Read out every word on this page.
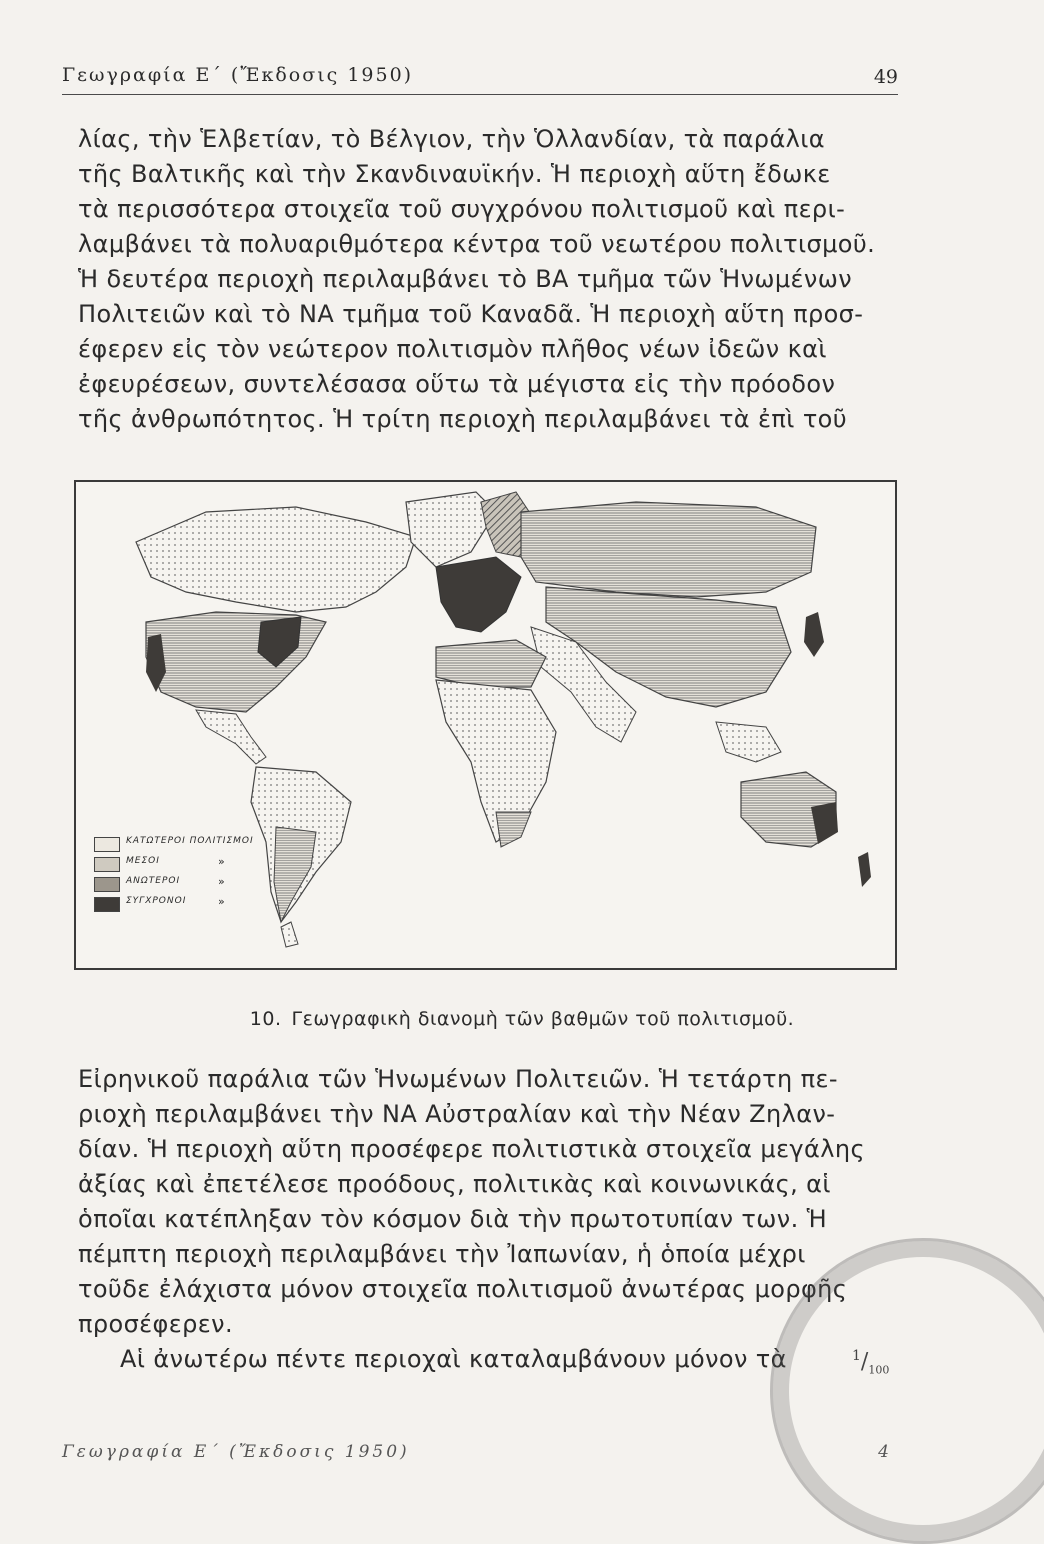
Γεωγραφία Ε΄ (Ἔκδοσις 1950)	49
λίας, τὴν Ἑλβετίαν, τὸ Βέλγιον, τὴν Ὁλλανδίαν, τὰ παράλια
τῆς Βαλτικῆς καὶ τὴν Σκανδιναυϊκήν. Ἡ περιοχὴ αὕτη ἔδωκε
τὰ περισσότερα στοιχεῖα τοῦ συγχρόνου πολιτισμοῦ καὶ περι-
λαμβάνει τὰ πολυαριθμότερα κέντρα τοῦ νεωτέρου πολιτισμοῦ.
Ἡ δευτέρα περιοχὴ περιλαμβάνει τὸ ΒΑ τμῆμα τῶν Ἡνωμένων
Πολιτειῶν καὶ τὸ ΝΑ τμῆμα τοῦ Καναδᾶ. Ἡ περιοχὴ αὕτη προσ-
έφερεν εἰς τὸν νεώτερον πολιτισμὸν πλῆθος νέων ἰδεῶν καὶ
ἐφευρέσεων, συντελέσασα οὕτω τὰ μέγιστα εἰς τὴν πρόοδον
τῆς ἀνθρωπότητος. Ἡ τρίτη περιοχὴ περιλαμβάνει τὰ ἐπὶ τοῦ
ΚΑΤΩΤΕΡΟΙ ΠΟΛΙΤΙΣΜΟΙ
ΜΕΣΟΙ	»
ΑΝΩΤΕΡΟΙ	»
ΣΥΓΧΡΟΝΟΙ	»
10. Γεωγραφικὴ διανομὴ τῶν βαθμῶν τοῦ πολιτισμοῦ.
Εἰρηνικοῦ παράλια τῶν Ἡνωμένων Πολιτειῶν. Ἡ τετάρτη πε-
ριοχὴ περιλαμβάνει τὴν ΝΑ Αὐστραλίαν καὶ τὴν Νέαν Ζηλαν-
δίαν. Ἡ περιοχὴ αὕτη προσέφερε πολιτιστικὰ στοιχεῖα μεγάλης
ἀξίας καὶ ἐπετέλεσε προόδους, πολιτικὰς καὶ κοινωνικάς, αἱ
ὁποῖαι κατέπληξαν τὸν κόσμον διὰ τὴν πρωτοτυπίαν των. Ἡ
πέμπτη περιοχὴ περιλαμβάνει τὴν Ἰαπωνίαν, ἡ ὁποία μέχρι
τοῦδε ἐλάχιστα μόνον στοιχεῖα πολιτισμοῦ ἀνωτέρας μορφῆς
προσέφερεν.
Αἱ ἀνωτέρω πέντε περιοχαὶ καταλαμβάνουν μόνον τὰ	$^1/_{100}$
Γεωγραφία Ε΄ (Ἔκδοσις 1950)	4
